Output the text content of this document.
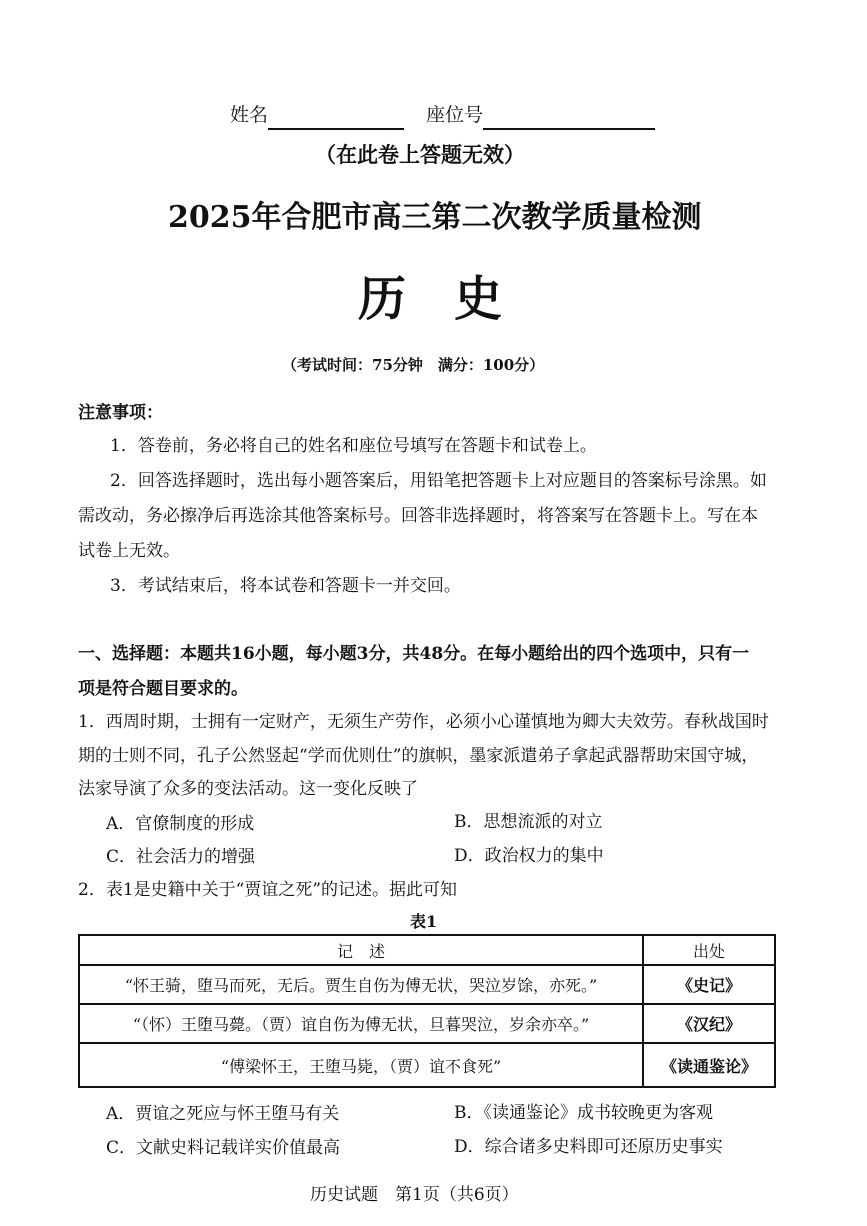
姓名	座位号
（在此卷上答题无效）
2025年合肥市高三第二次教学质量检测
历　史
（考试时间：75分钟　满分：100分）
注意事项：
1．答卷前，务必将自己的姓名和座位号填写在答题卡和试卷上。
2．回答选择题时，选出每小题答案后，用铅笔把答题卡上对应题目的答案标号涂黑。如
需改动，务必擦净后再选涂其他答案标号。回答非选择题时，将答案写在答题卡上。写在本
试卷上无效。
3．考试结束后，将本试卷和答题卡一并交回。
一、选择题：本题共16小题，每小题3分，共48分。在每小题给出的四个选项中，只有一
项是符合题目要求的。
1．西周时期，士拥有一定财产，无须生产劳作，必须小心谨慎地为卿大夫效劳。春秋战国时
期的士则不同，孔子公然竖起“学而优则仕”的旗帜，墨家派遣弟子拿起武器帮助宋国守城，
法家导演了众多的变法活动。这一变化反映了
A．官僚制度的形成	B．思想流派的对立
C．社会活力的增强	D．政治权力的集中
2．表1是史籍中关于“贾谊之死”的记述。据此可知
表1
记　述	出处
“怀王骑，堕马而死，无后。贾生自伤为傅无状，哭泣岁馀，亦死。”	《史记》
“（怀）王堕马薨。（贾）谊自伤为傅无状，旦暮哭泣，岁余亦卒。”	《汉纪》
“傅梁怀王，王堕马毙，（贾）谊不食死”	《读通鉴论》
A．贾谊之死应与怀王堕马有关	B．《读通鉴论》成书较晚更为客观
C．文献史料记载详实价值最高	D．综合诸多史料即可还原历史事实
历史试题　第1页（共6页）
